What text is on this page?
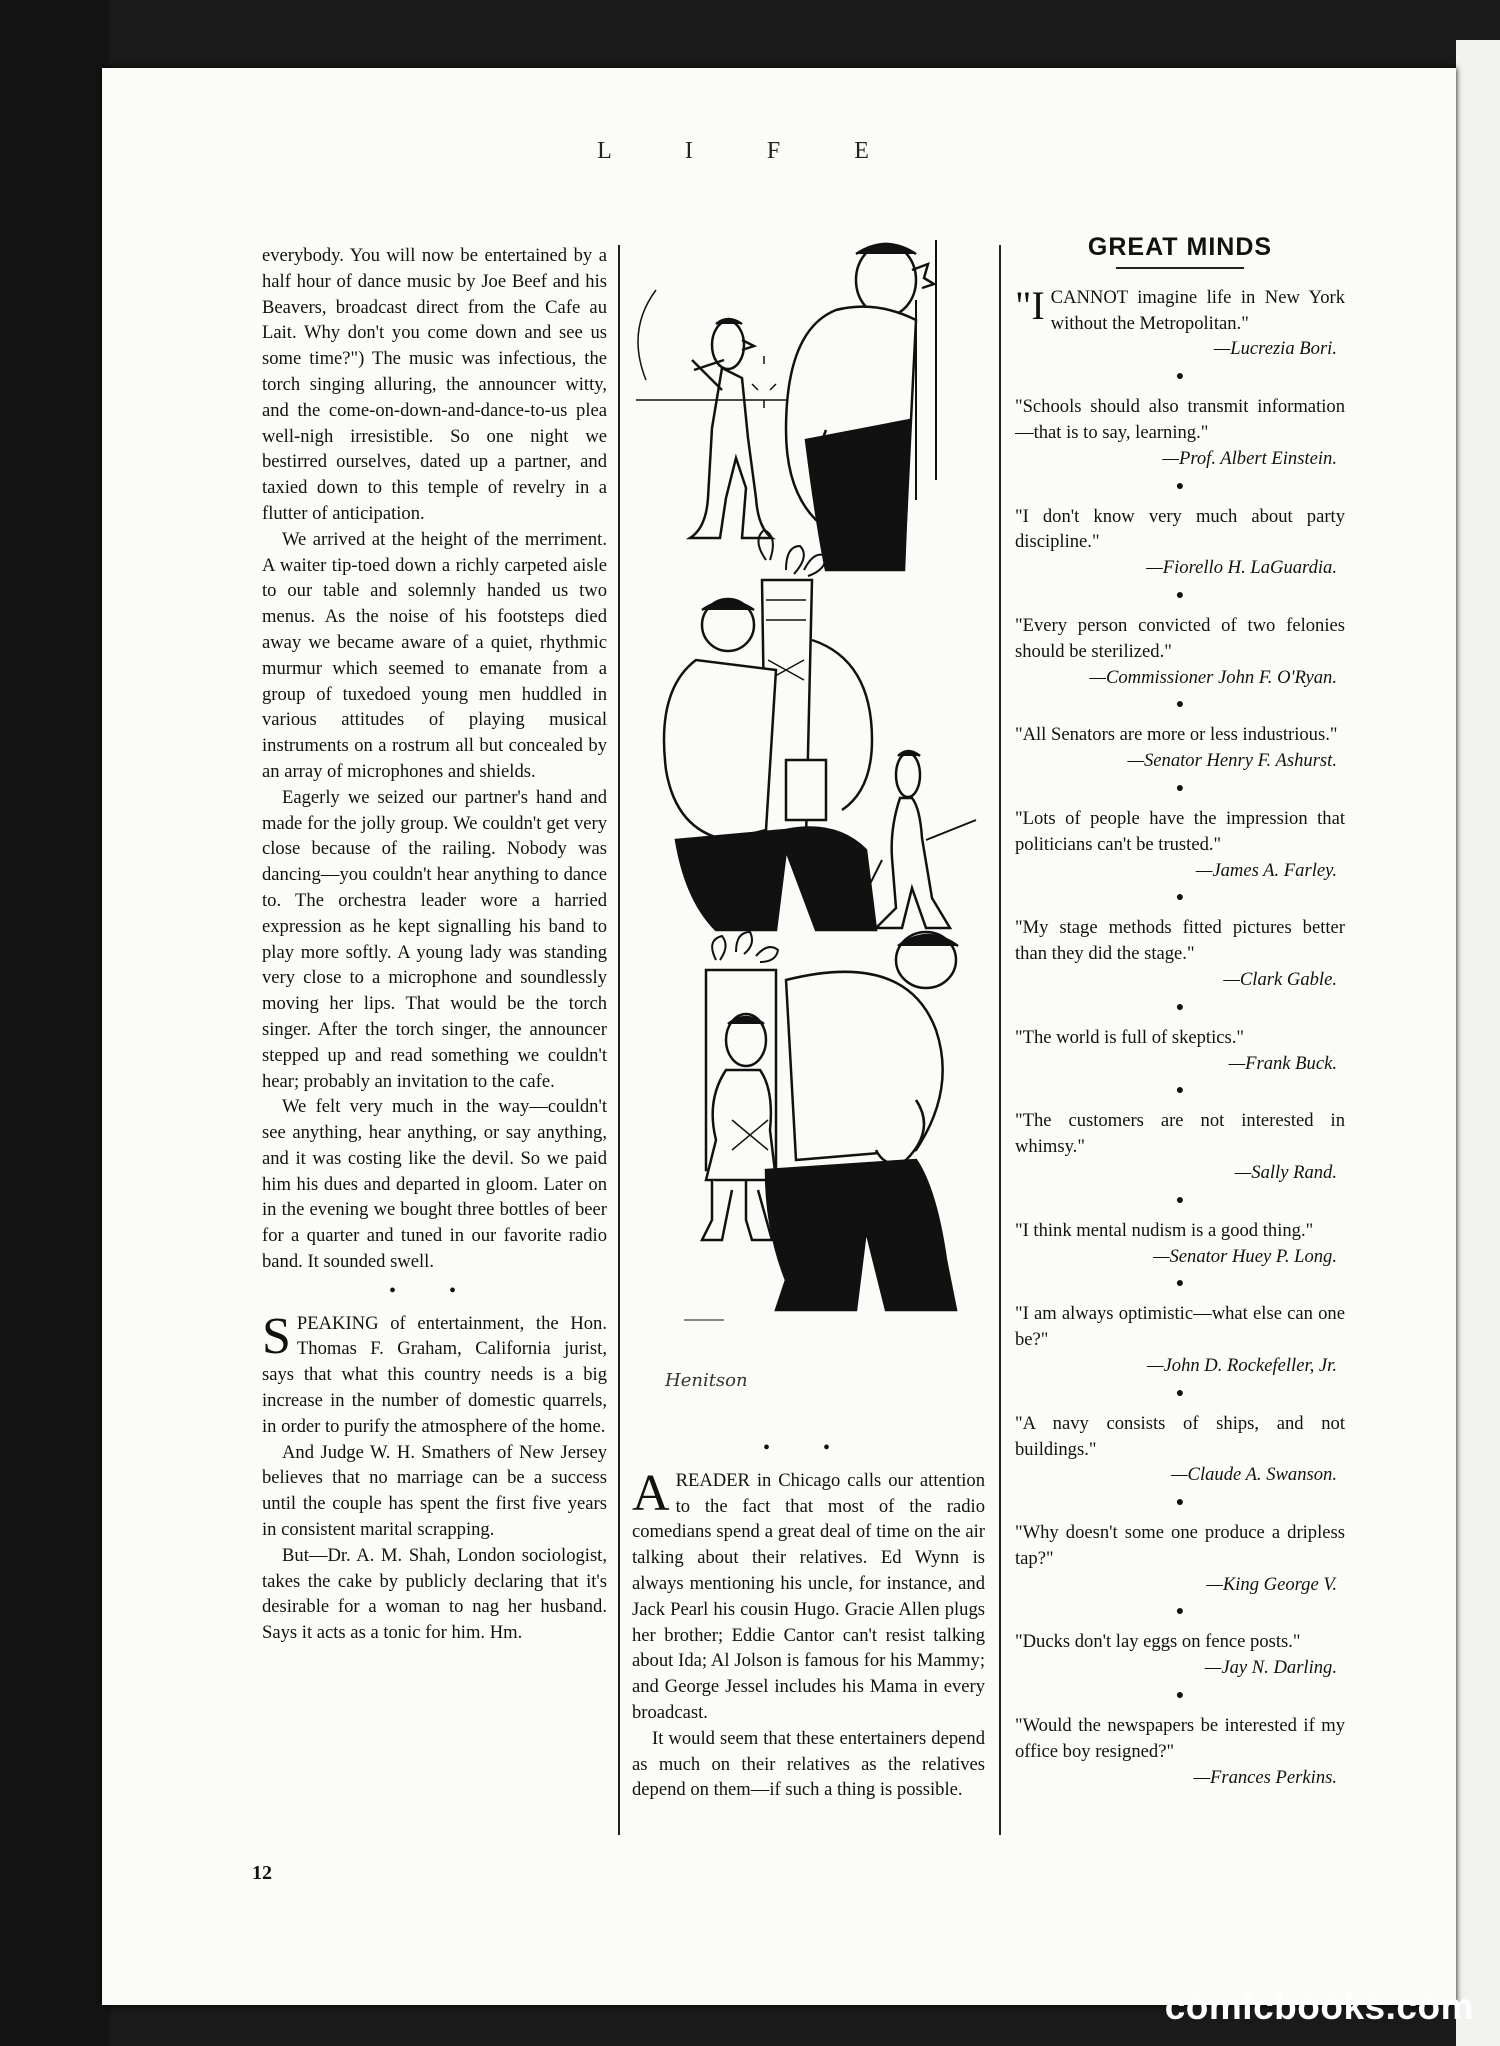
L I F E

everybody. You will now be entertained by a half hour of dance music by Joe Beef and his Beavers, broadcast direct from the Cafe au Lait. Why don't you come down and see us some time?") The music was infectious, the torch singing alluring, the announcer witty, and the come-on-down-and-dance-to-us plea well-nigh irresistible. So one night we bestirred ourselves, dated up a partner, and taxied down to this temple of revelry in a flutter of anticipation.

We arrived at the height of the merriment. A waiter tip-toed down a richly carpeted aisle to our table and solemnly handed us two menus. As the noise of his footsteps died away we became aware of a quiet, rhythmic murmur which seemed to emanate from a group of tuxedoed young men huddled in various attitudes of playing musical instruments on a rostrum all but concealed by an array of microphones and shields.

Eagerly we seized our partner's hand and made for the jolly group. We couldn't get very close because of the railing. Nobody was dancing—you couldn't hear anything to dance to. The orchestra leader wore a harried expression as he kept signalling his band to play more softly. A young lady was standing very close to a microphone and soundlessly moving her lips. That would be the torch singer. After the torch singer, the announcer stepped up and read something we couldn't hear; probably an invitation to the cafe.

We felt very much in the way—couldn't see anything, hear anything, or say anything, and it was costing like the devil. So we paid him his dues and departed in gloom. Later on in the evening we bought three bottles of beer for a quarter and tuned in our favorite radio band. It sounded swell.

• •

SPEAKING of entertainment, the Hon. Thomas F. Graham, California jurist, says that what this country needs is a big increase in the number of domestic quarrels, in order to purify the atmosphere of the home.

And Judge W. H. Smathers of New Jersey believes that no marriage can be a success until the couple has spent the first five years in consistent marital scrapping.

But—Dr. A. M. Shah, London sociologist, takes the cake by publicly declaring that it's desirable for a woman to nag her husband. Says it acts as a tonic for him. Hm.

Henitson
• •

AREADER in Chicago calls our attention to the fact that most of the radio comedians spend a great deal of time on the air talking about their relatives. Ed Wynn is always mentioning his uncle, for instance, and Jack Pearl his cousin Hugo. Gracie Allen plugs her brother; Eddie Cantor can't resist talking about Ida; Al Jolson is famous for his Mammy; and George Jessel includes his Mama in every broadcast.

It would seem that these entertainers depend as much on their relatives as the relatives depend on them—if such a thing is possible.

GREAT MINDS

"I CANNOT imagine life in New York without the Metropolitan."

—Lucrezia Bori.
●

"Schools should also transmit information—that is to say, learning."

—Prof. Albert Einstein.
●

"I don't know very much about party discipline."

—Fiorello H. LaGuardia.
●

"Every person convicted of two felonies should be sterilized."

—Commissioner John F. O'Ryan.
●

"All Senators are more or less industrious."

—Senator Henry F. Ashurst.
●

"Lots of people have the impression that politicians can't be trusted."

—James A. Farley.
●

"My stage methods fitted pictures better than they did the stage."

—Clark Gable.
●

"The world is full of skeptics."

—Frank Buck.
●

"The customers are not interested in whimsy."

—Sally Rand.
●

"I think mental nudism is a good thing."

—Senator Huey P. Long.
●

"I am always optimistic—what else can one be?"

—John D. Rockefeller, Jr.
●

"A navy consists of ships, and not buildings."

—Claude A. Swanson.
●

"Why doesn't some one produce a dripless tap?"

—King George V.
●

"Ducks don't lay eggs on fence posts."

—Jay N. Darling.
●

"Would the newspapers be interested if my office boy resigned?"

—Frances Perkins.
12
comicbooks.com
